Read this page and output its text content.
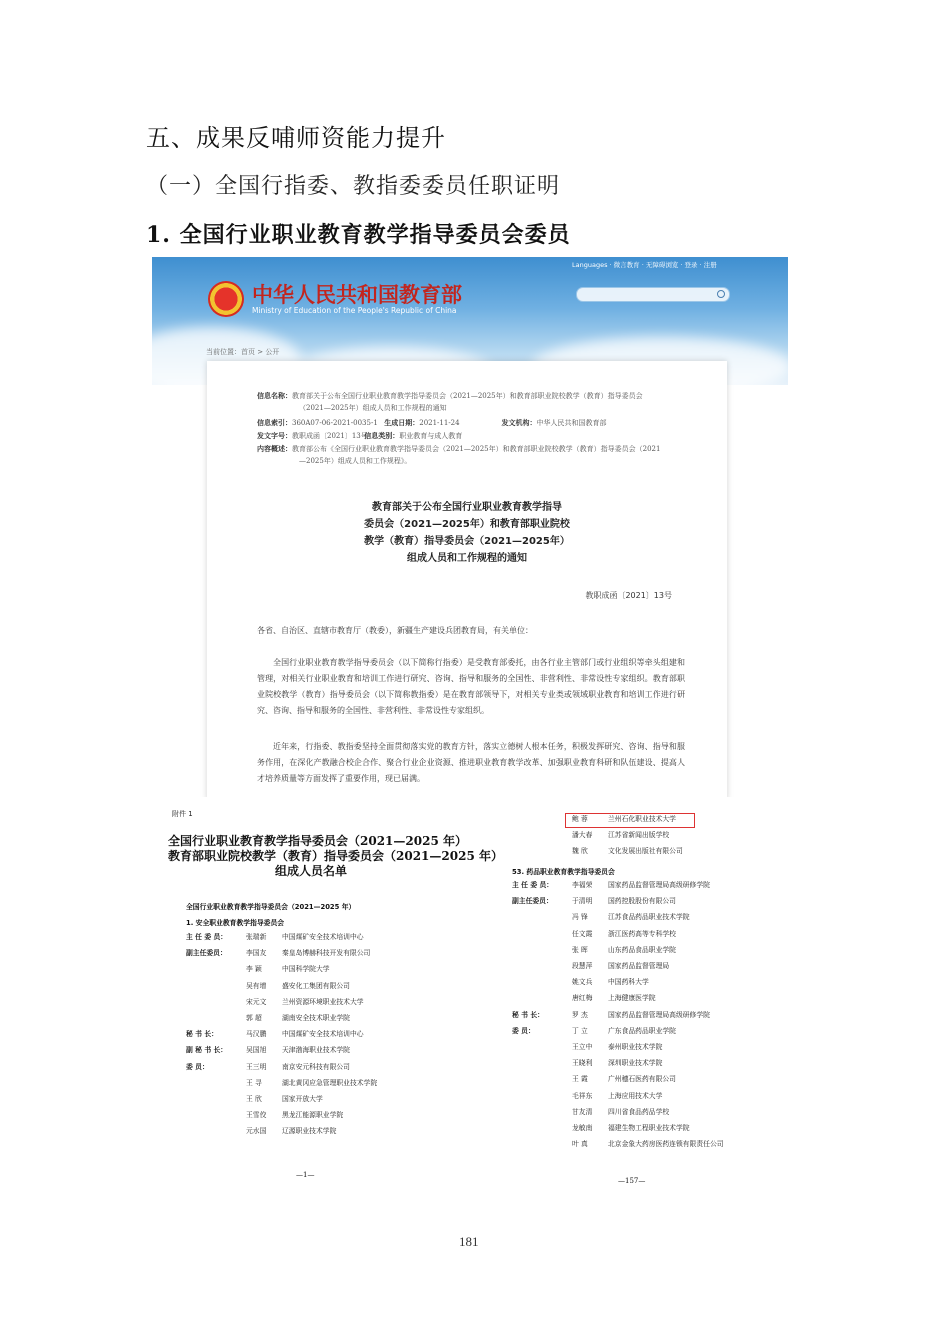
五、成果反哺师资能力提升
（一）全国行指委、教指委委员任职证明
1. 全国行业职业教育教学指导委员会委员
中华人民共和国教育部
Ministry of Education of the People's Republic of China
Languages · 微言教育 · 无障碍浏览 · 登录 · 注册
当前位置：首页 > 公开
信息名称：教育部关于公布全国行业职业教育教学指导委员会（2021—2025年）和教育部职业院校教学（教育）指导委员会
（2021—2025年）组成人员和工作规程的通知
信息索引：360A07-06-2021-0035-1 生成日期：2021-11-24	发文机构：中华人民共和国教育部
发文字号：教职成函〔2021〕13号 信息类别：职业教育与成人教育
内容概述：教育部公布《全国行业职业教育教学指导委员会（2021—2025年）和教育部职业院校教学（教育）指导委员会（2021
—2025年）组成人员和工作规程》。
教育部关于公布全国行业职业教育教学指导
委员会（2021—2025年）和教育部职业院校
教学（教育）指导委员会（2021—2025年）
组成人员和工作规程的通知
教职成函〔2021〕13号
各省、自治区、直辖市教育厅（教委），新疆生产建设兵团教育局，有关单位：
全国行业职业教育教学指导委员会（以下简称行指委）是受教育部委托，由各行业主管部门或行业组织等牵头组建和管理，对相关行业职业教育和培训工作进行研究、咨询、指导和服务的全国性、非营利性、非常设性专家组织。教育部职业院校教学（教育）指导委员会（以下简称教指委）是在教育部领导下，对相关专业类或领域职业教育和培训工作进行研究、咨询、指导和服务的全国性、非营利性、非常设性专家组织。
近年来，行指委、教指委坚持全面贯彻落实党的教育方针，落实立德树人根本任务，积极发挥研究、咨询、指导和服务作用，在深化产教融合校企合作、聚合行业企业资源、推进职业教育教学改革、加强职业教育科研和队伍建设、提高人才培养质量等方面发挥了重要作用，现已届满。
附件 1
全国行业职业教育教学指导委员会（2021—2025 年）
教育部职业院校教学（教育）指导委员会（2021—2025 年）
组成人员名单
全国行业职业教育教学指导委员会（2021—2025 年）
1. 安全职业教育教学指导委员会
主 任 委 员：	张瑞新 中国煤矿安全技术培训中心
副主任委员：	李国友 秦皇岛博赫科技开发有限公司
李 颖	中国科学院大学
吴有增 盛安化工集团有限公司
宋元文 兰州资源环境职业技术大学
郭 超	湖南安全技术职业学院
秘 书 长：	马汉鹏 中国煤矿安全技术培训中心
副 秘 书 长：	吴国旭 天津渤海职业技术学院
委 员：	王三明 南京安元科技有限公司
王 寻	湖北黄冈应急管理职业技术学院
王 欣	国家开放大学
王雪佼 黑龙江能源职业学院
元水国 辽源职业技术学院
—1—
鲍 蓉	兰州石化职业技术大学
潘大春 江苏省新闻出版学校
魏 欣	文化发展出版社有限公司
53. 药品职业教育教学指导委员会
主 任 委 员：	李福荣 国家药品监督管理局高级研修学院
副主任委员：	于清明 国药控股股份有限公司
冯 锋	江苏食品药品职业技术学院
任文霞 浙江医药高等专科学校
张 晖	山东药品食品职业学院
段慧萍 国家药品监督管理局
姚文兵 中国药科大学
唐红梅 上海健康医学院
秘 书 长：	罗 杰	国家药品监督管理局高级研修学院
委 员：	丁 立	广东食品药品职业学院
王立中 泰州职业技术学院
王晓利 深圳职业技术学院
王 霞	广州穗石医药有限公司
毛祥东 上海应用技术大学
甘友清 四川省食品药品学校
龙敏南 福建生物工程职业技术学院
叶 真	北京金象大药房医药连锁有限责任公司
—157—
181
